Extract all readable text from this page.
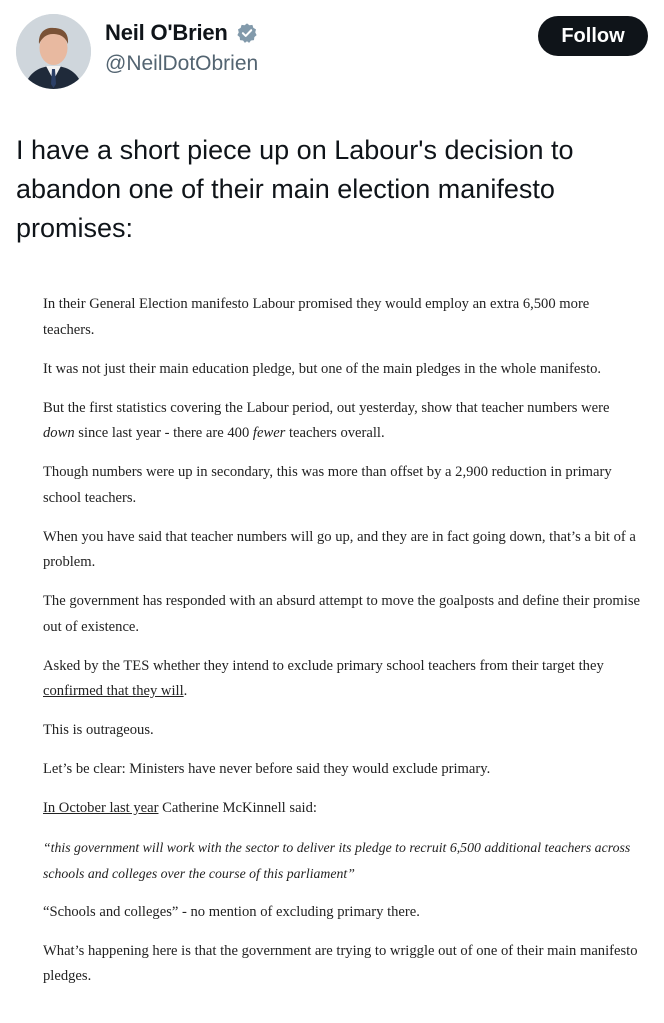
Neil O'Brien
@NeilDotObrien
Follow
I have a short piece up on Labour's decision to abandon one of their main election manifesto promises:

In their General Election manifesto Labour promised they would employ an extra 6,500 more teachers.

It was not just their main education pledge, but one of the main pledges in the whole manifesto.

But the first statistics covering the Labour period, out yesterday, show that teacher numbers were down since last year - there are 400 fewer teachers overall.

Though numbers were up in secondary, this was more than offset by a 2,900 reduction in primary school teachers.

When you have said that teacher numbers will go up, and they are in fact going down, that’s a bit of a problem.

The government has responded with an absurd attempt to move the goalposts and define their promise out of existence.

Asked by the TES whether they intend to exclude primary school teachers from their target they confirmed that they will.

This is outrageous.

Let’s be clear: Ministers have never before said they would exclude primary.

In October last year Catherine McKinnell said:

“this government will work with the sector to deliver its pledge to recruit 6,500 additional teachers across schools and colleges over the course of this parliament”

“Schools and colleges” - no mention of excluding primary there.

What’s happening here is that the government are trying to wriggle out of one of their main manifesto pledges.
